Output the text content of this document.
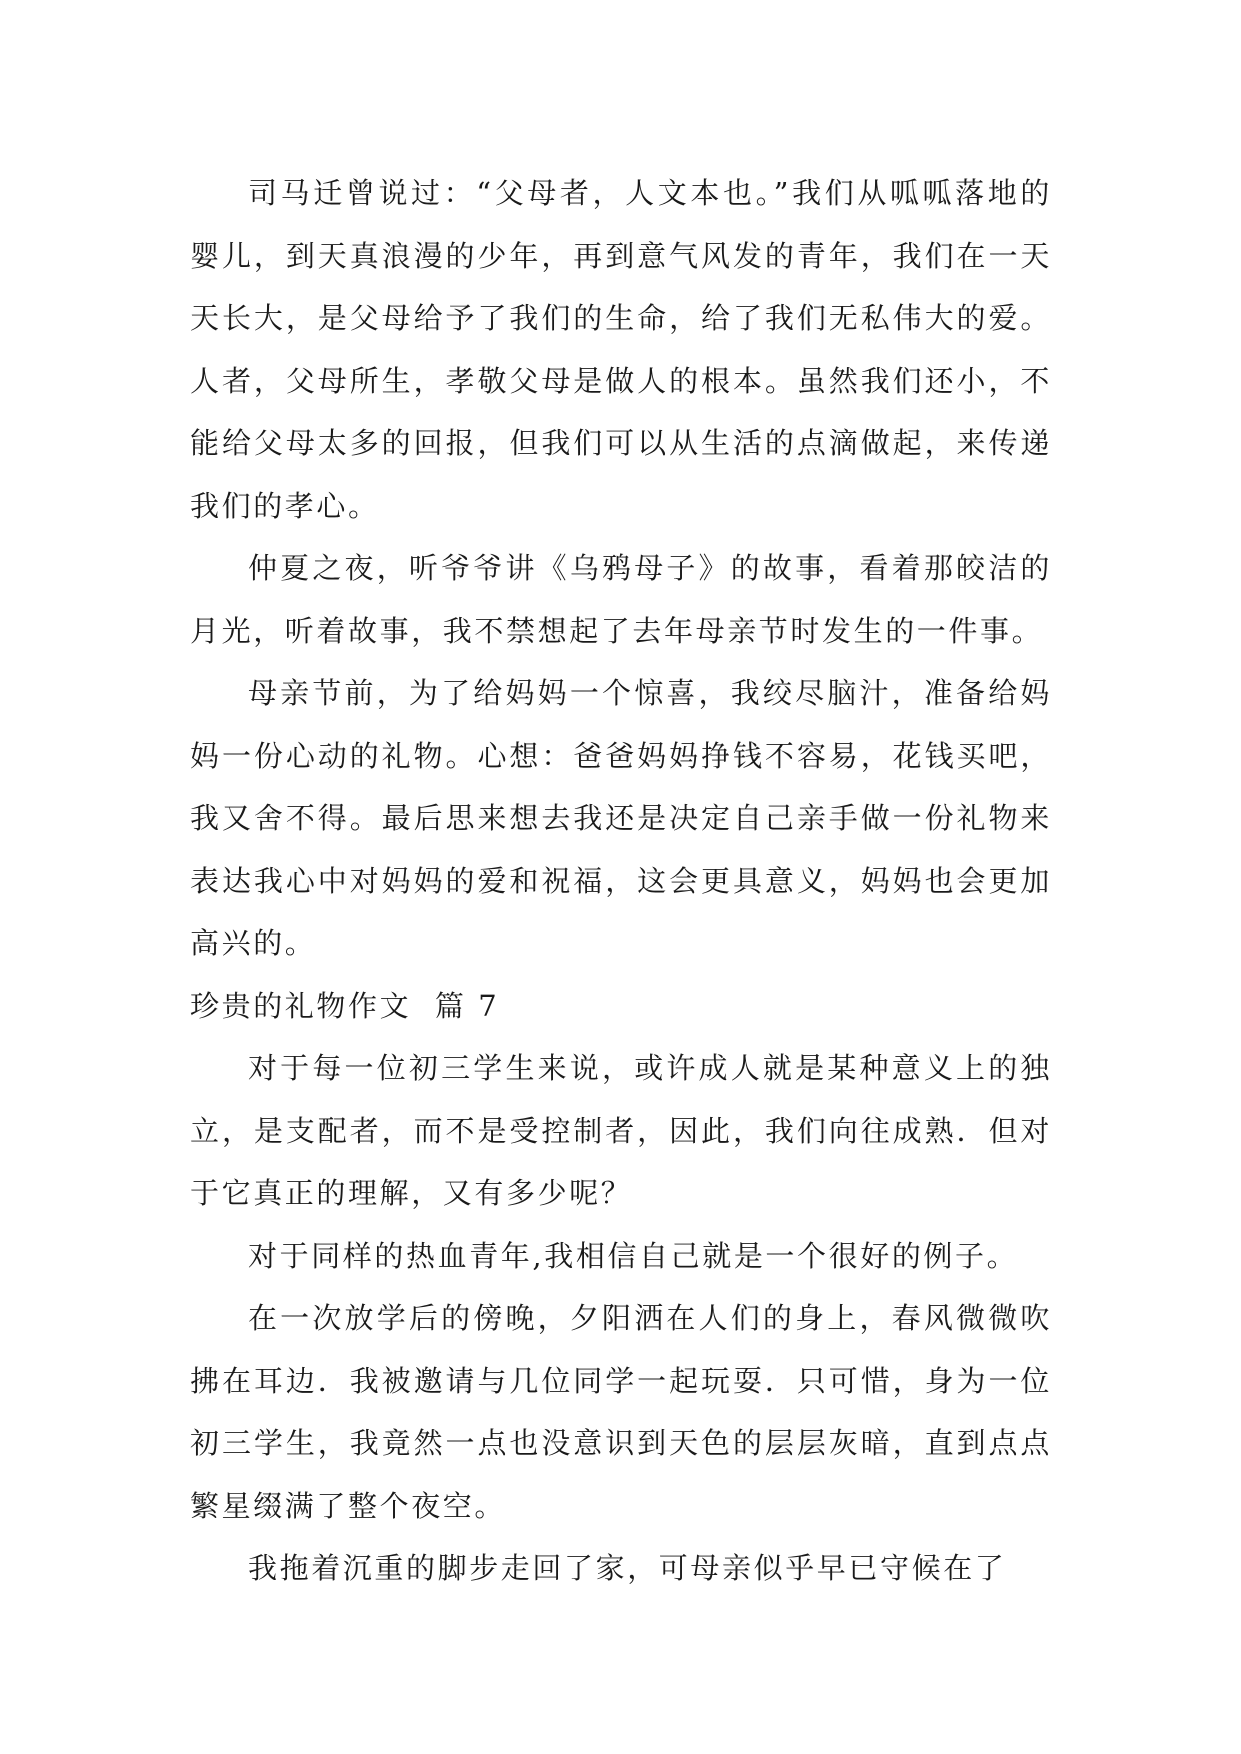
司马迁曾说过：“父母者，人文本也。”我们从呱呱落地的婴儿，到天真浪漫的少年，再到意气风发的青年，我们在一天天长大，是父母给予了我们的生命，给了我们无私伟大的爱。人者，父母所生，孝敬父母是做人的根本。虽然我们还小，不能给父母太多的回报，但我们可以从生活的点滴做起，来传递我们的孝心。

仲夏之夜，听爷爷讲《乌鸦母子》的故事，看着那皎洁的月光，听着故事，我不禁想起了去年母亲节时发生的一件事。

母亲节前，为了给妈妈一个惊喜，我绞尽脑汁，准备给妈妈一份心动的礼物。心想：爸爸妈妈挣钱不容易，花钱买吧，我又舍不得。最后思来想去我还是决定自己亲手做一份礼物来表达我心中对妈妈的爱和祝福，这会更具意义，妈妈也会更加高兴的。

珍贵的礼物作文  篇 7

对于每一位初三学生来说，或许成人就是某种意义上的独立，是支配者，而不是受控制者，因此，我们向往成熟．但对于它真正的理解，又有多少呢？

对于同样的热血青年,我相信自己就是一个很好的例子。

在一次放学后的傍晚，夕阳洒在人们的身上，春风微微吹拂在耳边．我被邀请与几位同学一起玩耍．只可惜，身为一位初三学生，我竟然一点也没意识到天色的层层灰暗，直到点点繁星缀满了整个夜空。

我拖着沉重的脚步走回了家，可母亲似乎早已守候在了
